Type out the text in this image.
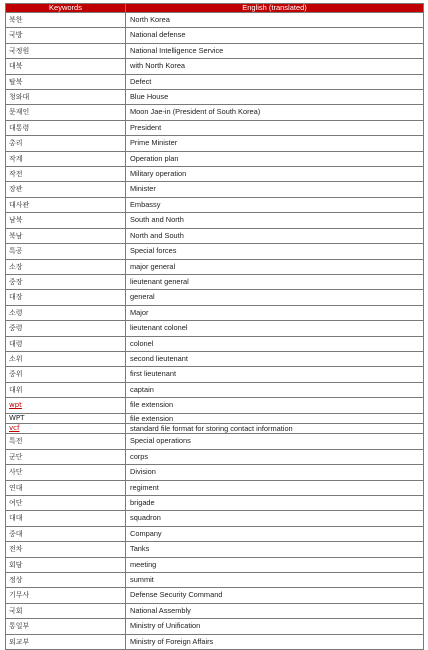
Keywords	English (translated)
북한	North Korea
국방	National defense
국정원	National Intelligence Service
대북	with North Korea
탈북	Defect
청와대	Blue House
문재인	Moon Jae-in (President of South Korea)
대통령	President
총리	Prime Minister
작계	Operation plan
작전	Military operation
장관	Minister
대사관	Embassy
남북	South and North
북남	North and South
특공	Special forces
소장	major general
중장	lieutenant general
대장	general
소령	Major
중령	lieutenant colonel
대령	colonel
소위	second lieutenant
중위	first lieutenant
대위	captain
wpt	file extension
WPT	file extension
vcf	standard file format for storing contact information
특전	Special operations
군단	corps
사단	Division
연대	regiment
여단	brigade
대대	squadron
중대	Company
전차	Tanks
회담	meeting
정상	summit
기무사	Defense Security Command
국회	National Assembly
통일부	Ministry of Unification
외교부	Ministry of Foreign Affairs
